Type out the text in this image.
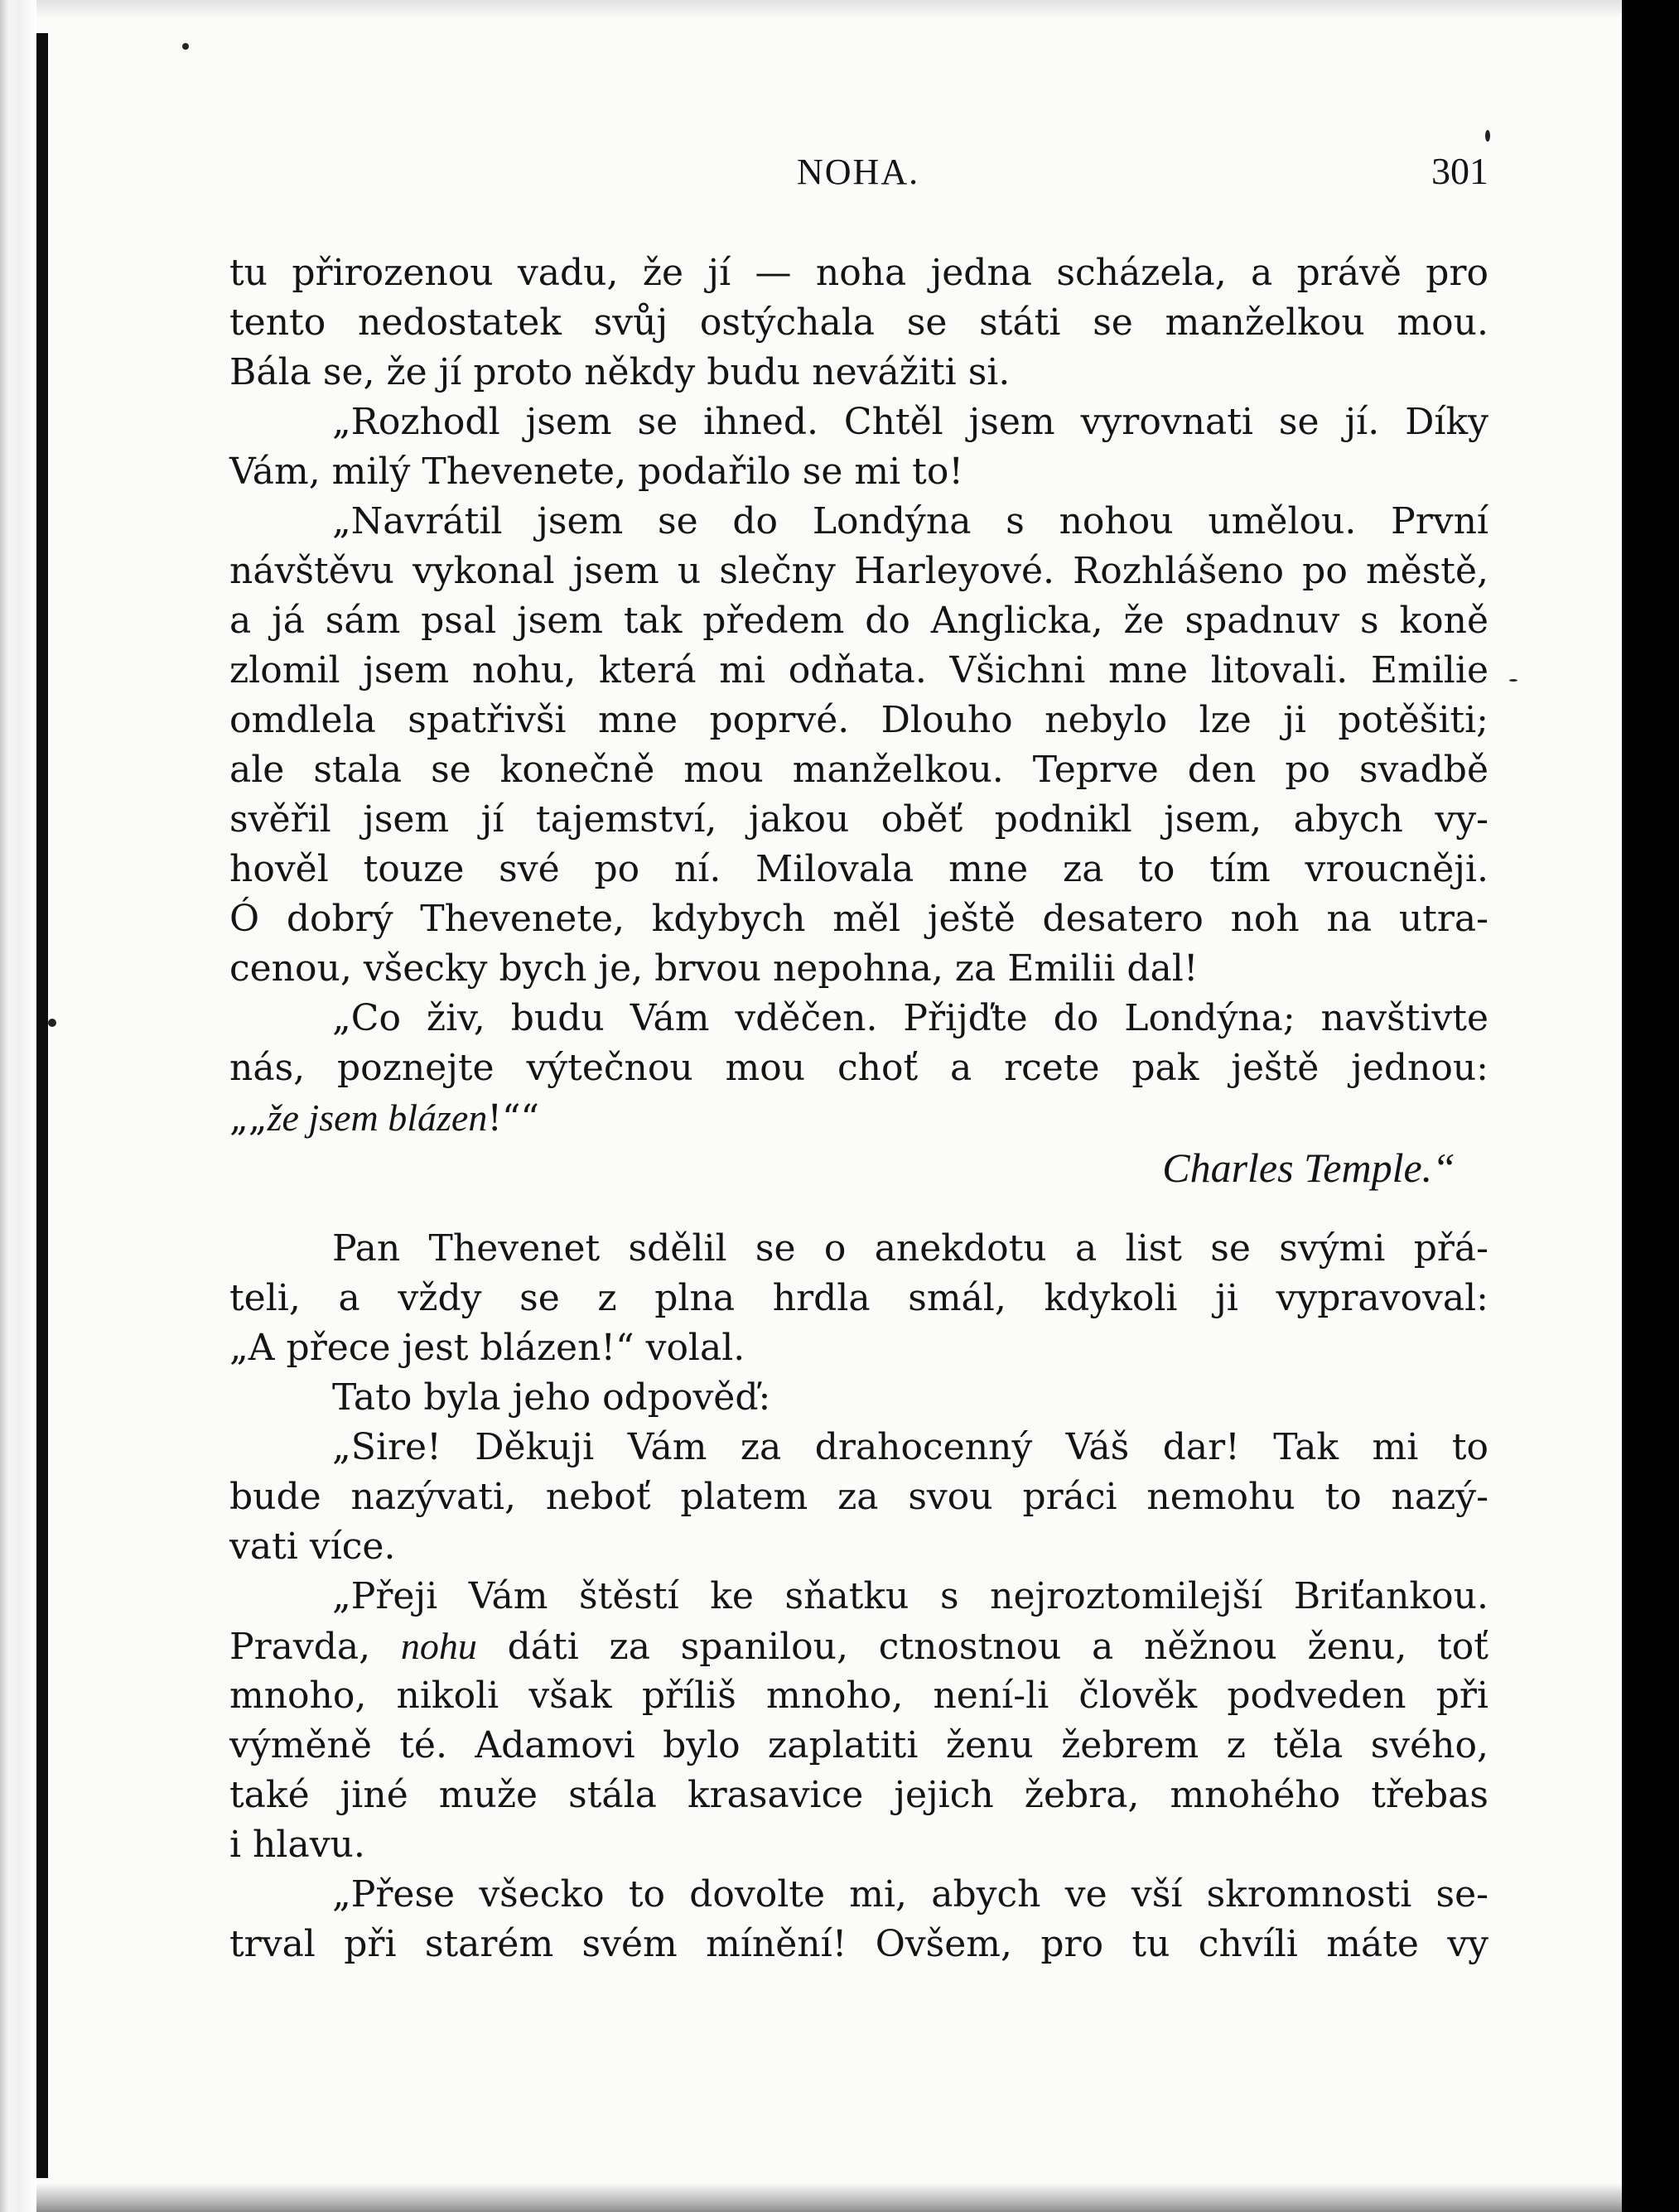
NOHA.	301
tu přirozenou vadu, že jí — noha jedna scházela, a právě pro
tento nedostatek svůj ostýchala se státi se manželkou mou.
Bála se, že jí proto někdy budu nevážiti si.
„Rozhodl jsem se ihned. Chtěl jsem vyrovnati se jí. Díky
Vám, milý Thevenete, podařilo se mi to!
„Navrátil jsem se do Londýna s nohou umělou. První
návštěvu vykonal jsem u slečny Harleyové. Rozhlášeno po městě,
a já sám psal jsem tak předem do Anglicka, že spadnuv s koně
zlomil jsem nohu, která mi odňata. Všichni mne litovali. Emilie
omdlela spatřivši mne poprvé. Dlouho nebylo lze ji potěšiti;
ale stala se konečně mou manželkou. Teprve den po svadbě
svěřil jsem jí tajemství, jakou oběť podnikl jsem, abych vy-
hověl touze své po ní. Milovala mne za to tím vroucněji.
Ó dobrý Thevenete, kdybych měl ještě desatero noh na utra-
cenou, všecky bych je, brvou nepohna, za Emilii dal!
„Co živ, budu Vám vděčen. Přijďte do Londýna; navštivte
nás, poznejte výtečnou mou choť a rcete pak ještě jednou:
„„že jsem blázen!““
Charles Temple.“
Pan Thevenet sdělil se o anekdotu a list se svými přá-
teli, a vždy se z plna hrdla smál, kdykoli ji vypravoval:
„A přece jest blázen!“ volal.
Tato byla jeho odpověď:
„Sire! Děkuji Vám za drahocenný Váš dar! Tak mi to
bude nazývati, neboť platem za svou práci nemohu to nazý-
vati více.
„Přeji Vám štěstí ke sňatku s nejroztomilejší Briťankou.
Pravda, nohu dáti za spanilou, ctnostnou a něžnou ženu, toť
mnoho, nikoli však příliš mnoho, není-li člověk podveden při
výměně té. Adamovi bylo zaplatiti ženu žebrem z těla svého,
také jiné muže stála krasavice jejich žebra, mnohého třebas
i hlavu.
„Přese všecko to dovolte mi, abych ve vší skromnosti se-
trval při starém svém mínění! Ovšem, pro tu chvíli máte vy
